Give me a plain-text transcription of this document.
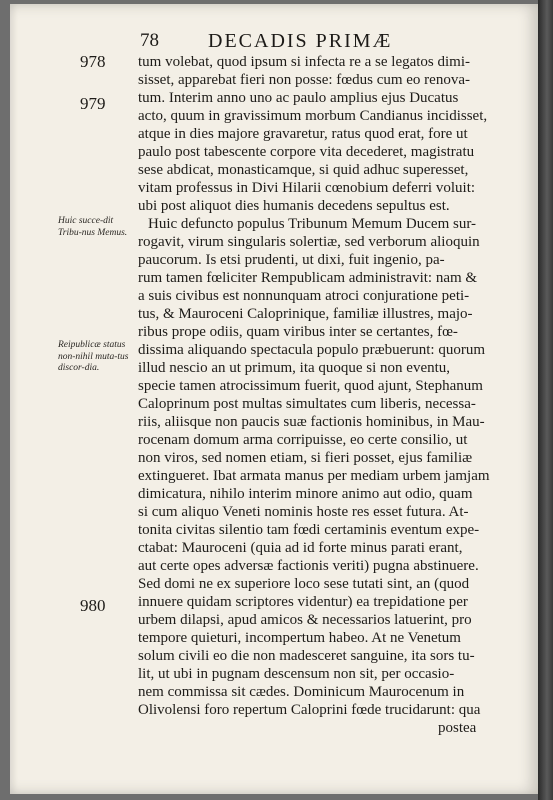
78 DECADIS PRIMÆ
978
979
980
Huic succe-dit Tribu-nus Memus.
Reipublicæ status non-nihil muta-tus discor-dia.
tum volebat, quod ipsum si infecta re a se legatos dimi-
sisset, apparebat fieri non posse: fœdus cum eo renova-
tum. Interim anno uno ac paulo amplius ejus Ducatus
acto, quum in gravissimum morbum Candianus incidisset,
atque in dies majore gravaretur, ratus quod erat, fore ut
paulo post tabescente corpore vita decederet, magistratu
sese abdicat, monasticamque, si quid adhuc superesset,
vitam professus in Divi Hilarii cœnobium deferri voluit:
ubi post aliquot dies humanis decedens sepultus est.
Huic defuncto populus Tribunum Memum Ducem sur-
rogavit, virum singularis solertiæ, sed verborum alioquin
paucorum. Is etsi prudenti, ut dixi, fuit ingenio, pa-
rum tamen fœliciter Rempublicam administravit: nam &
a suis civibus est nonnunquam atroci conjuratione peti-
tus, & Mauroceni Caloprinique, familiæ illustres, majo-
ribus prope odiis, quam viribus inter se certantes, fœ-
dissima aliquando spectacula populo præbuerunt: quorum
illud nescio an ut primum, ita quoque si non eventu,
specie tamen atrocissimum fuerit, quod ajunt, Stephanum
Caloprinum post multas simultates cum liberis, necessa-
riis, aliisque non paucis suæ factionis hominibus, in Mau-
rocenam domum arma corripuisse, eo certe consilio, ut
non viros, sed nomen etiam, si fieri posset, ejus familiæ
extingueret. Ibat armata manus per mediam urbem jamjam
dimicatura, nihilo interim minore animo aut odio, quam
si cum aliquo Veneti nominis hoste res esset futura. At-
tonita civitas silentio tam fœdi certaminis eventum expe-
ctabat: Mauroceni (quia ad id forte minus parati erant,
aut certe opes adversæ factionis veriti) pugna abstinuere.
Sed domi ne ex superiore loco sese tutati sint, an (quod
innuere quidam scriptores videntur) ea trepidatione per
urbem dilapsi, apud amicos & necessarios latuerint, pro
tempore quieturi, incompertum habeo. At ne Venetum
solum civili eo die non madesceret sanguine, ita sors tu-
lit, ut ubi in pugnam descensum non sit, per occasio-
nem commissa sit cædes. Dominicum Maurocenum in
Olivolensi foro repertum Caloprini fœde trucidarunt: qua
postea
